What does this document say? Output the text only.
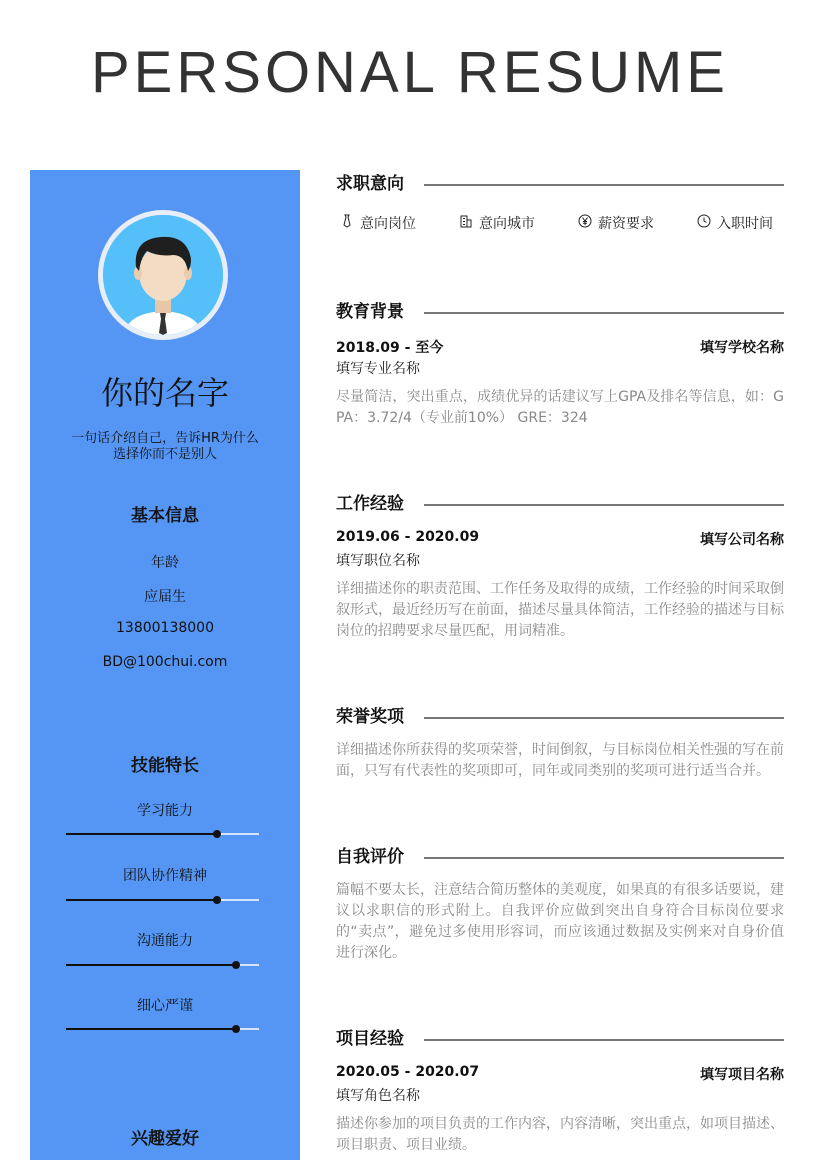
PERSONAL RESUME
你的名字
一句话介绍自己，告诉HR为什么选择你而不是别人
基本信息
年龄
应届生
13800138000
BD@100chui.com
技能特长
学习能力
团队协作精神
沟通能力
细心严谨
兴趣爱好
求职意向
意向岗位	意向城市	薪资要求	入职时间
教育背景
2018.09 - 至今	填写学校名称
填写专业名称
尽量简洁，突出重点，成绩优异的话建议写上GPA及排名等信息，如：GPA：3.72/4（专业前10%） GRE：324
工作经验
2019.06 - 2020.09	填写公司名称
填写职位名称
详细描述你的职责范围、工作任务及取得的成绩，工作经验的时间采取倒叙形式，最近经历写在前面，描述尽量具体简洁，工作经验的描述与目标岗位的招聘要求尽量匹配，用词精准。
荣誉奖项
详细描述你所获得的奖项荣誉，时间倒叙，与目标岗位相关性强的写在前面，只写有代表性的奖项即可，同年或同类别的奖项可进行适当合并。
自我评价
篇幅不要太长，注意结合简历整体的美观度，如果真的有很多话要说，建议以求职信的形式附上。自我评价应做到突出自身符合目标岗位要求的“卖点”，避免过多使用形容词，而应该通过数据及实例来对自身价值进行深化。
项目经验
2020.05 - 2020.07	填写项目名称
填写角色名称
描述你参加的项目负责的工作内容，内容清晰，突出重点，如项目描述、项目职责、项目业绩。
